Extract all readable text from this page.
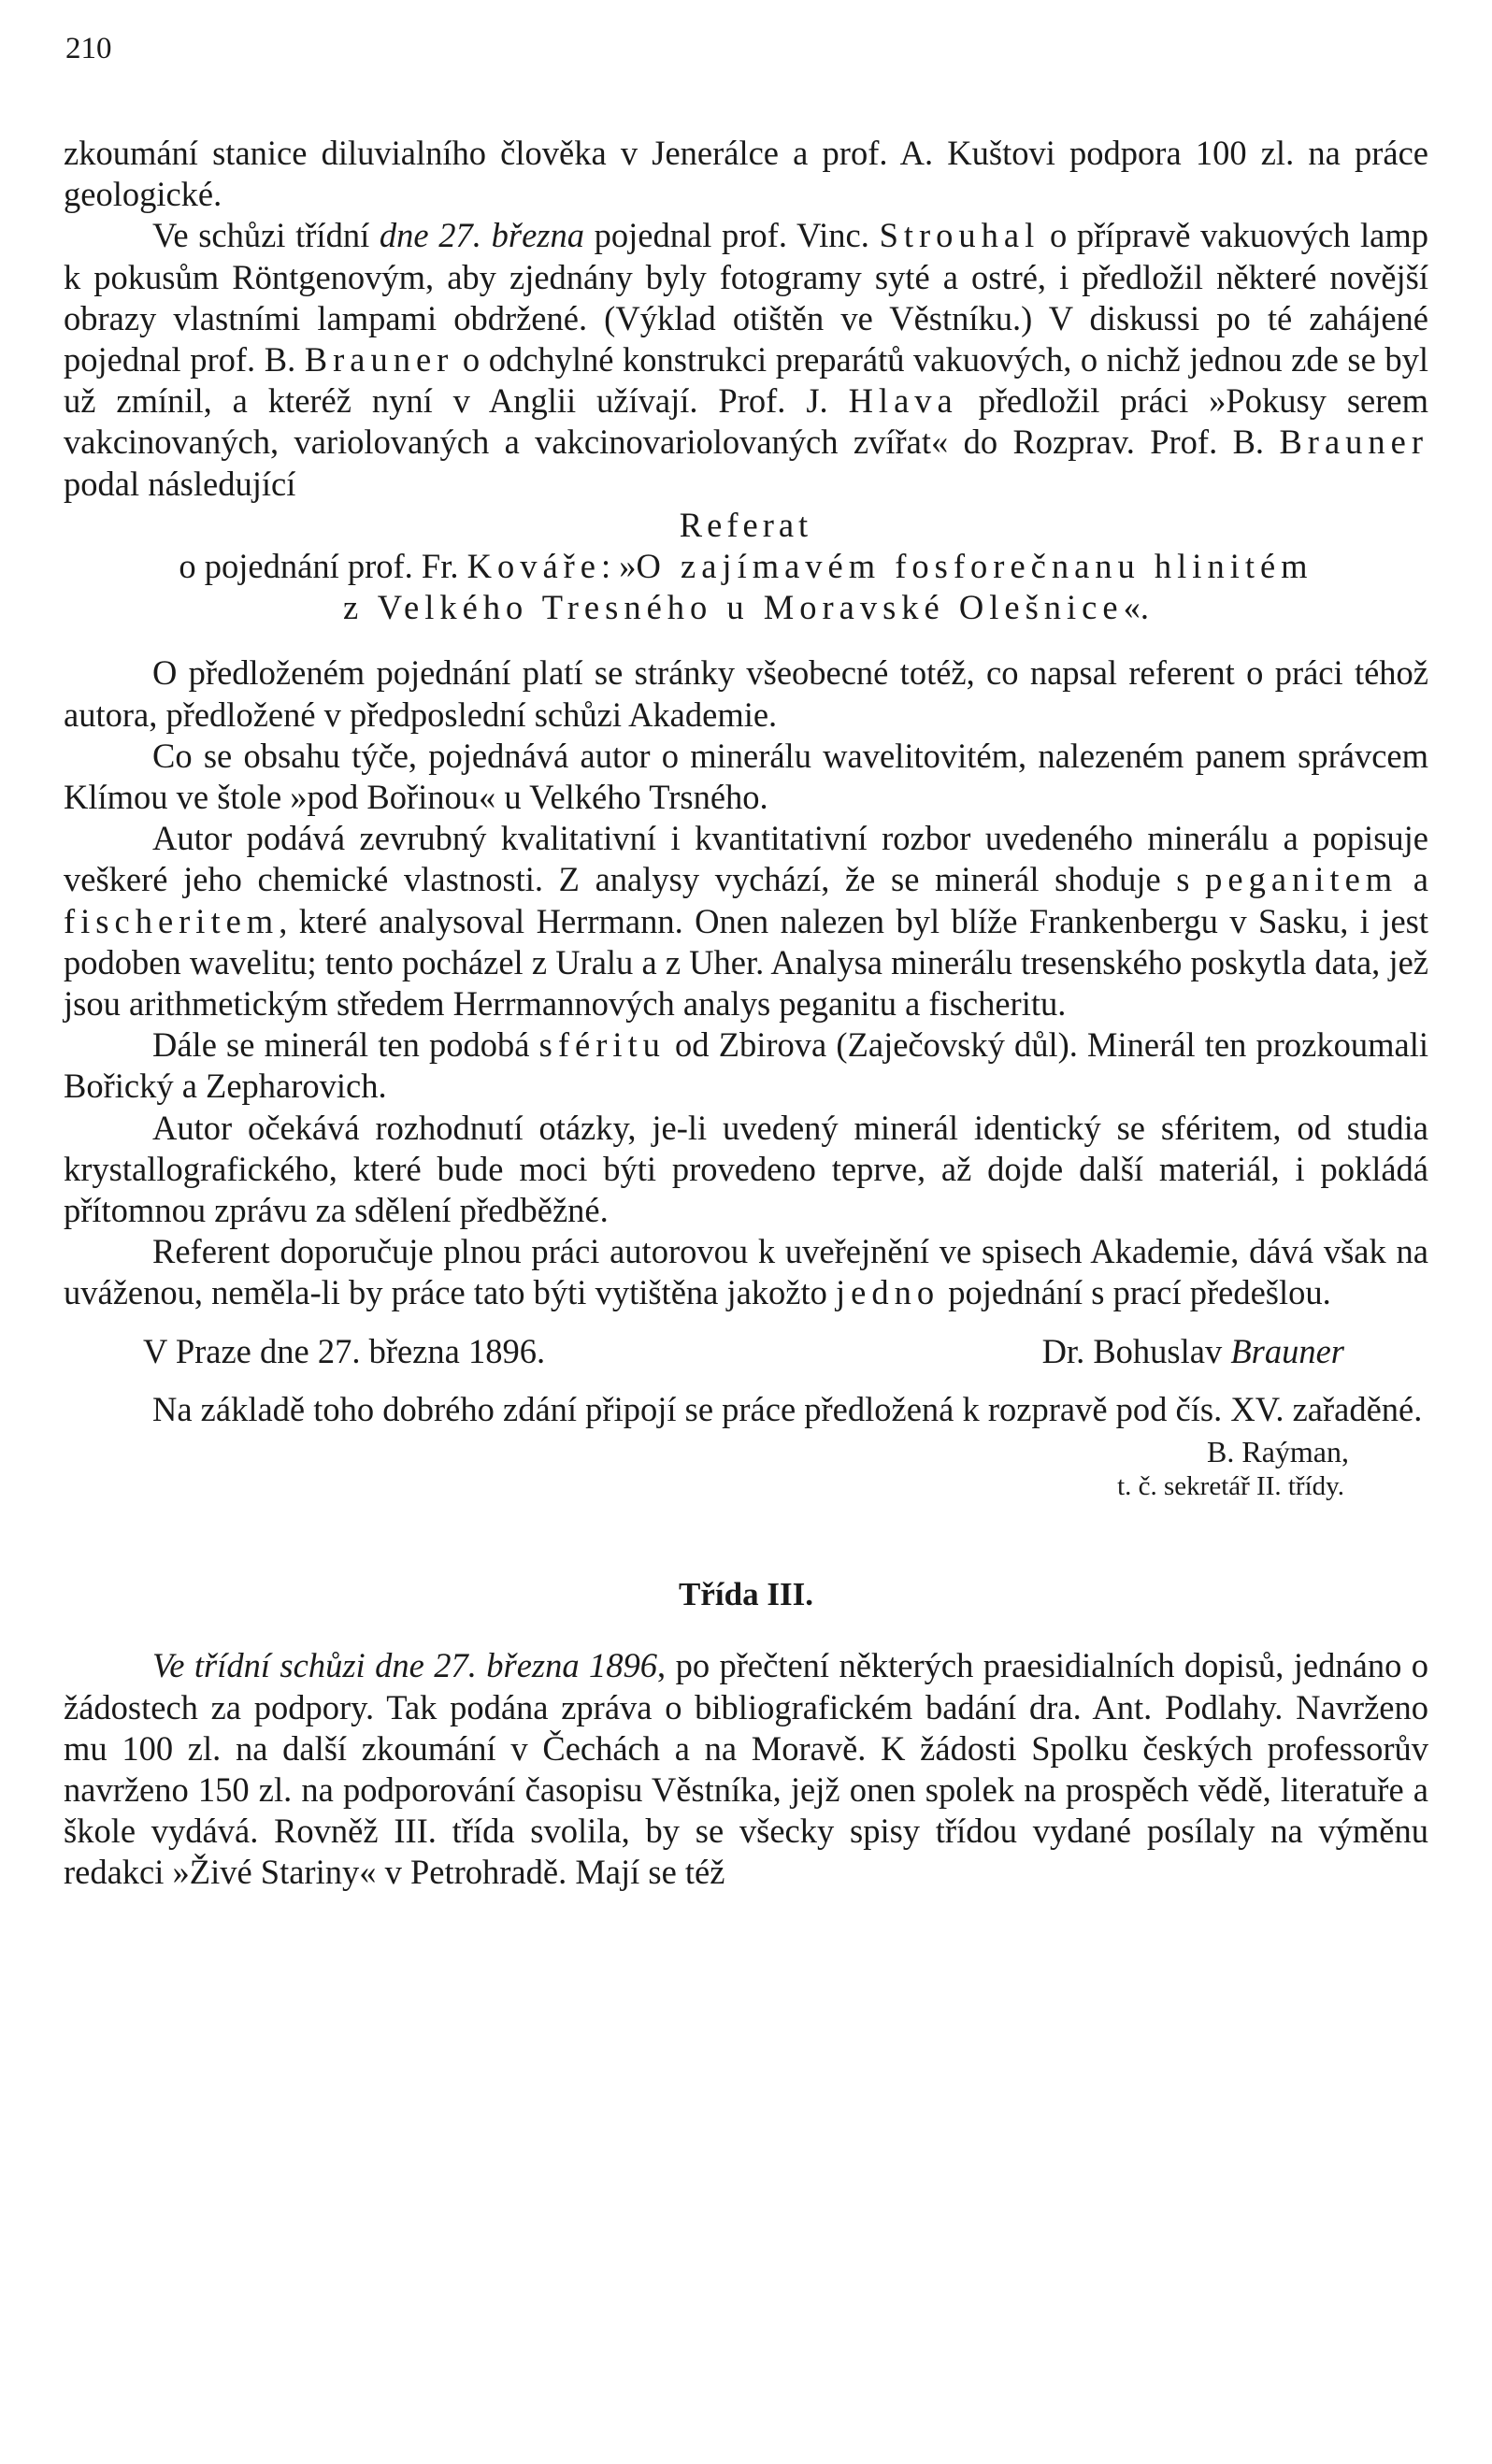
210

zkoumání stanice diluvialního člověka v Jenerálce a prof. A. Kuštovi podpora 100 zl. na práce geologické.

Ve schůzi třídní dne 27. března pojednal prof. Vinc. Strouhal o přípravě vakuových lamp k pokusům Röntgenovým, aby zjednány byly fotogramy syté a ostré, i předložil některé novější obrazy vlastními lampami obdržené. (Výklad otištěn ve Věstníku.) V diskussi po té zahájené pojednal prof. B. Brauner o odchylné konstrukci preparátů vakuových, o nichž jednou zde se byl už zmínil, a kteréž nyní v Anglii užívají. Prof. J. Hlava předložil práci »Pokusy serem vakcinovaných, variolovaných a vakcinovariolovaných zvířat« do Rozprav. Prof. B. Brauner podal následující

Referat

o pojednání prof. Fr. Kováře: »O zajímavém fosforečnanu hlinitém
z Velkého Tresného u Moravské Olešnice«.

O předloženém pojednání platí se stránky všeobecné totéž, co napsal referent o práci téhož autora, předložené v předposlední schůzi Akademie.

Co se obsahu týče, pojednává autor o minerálu wavelitovitém, nalezeném panem správcem Klímou ve štole »pod Bořinou« u Velkého Trsného.

Autor podává zevrubný kvalitativní i kvantitativní rozbor uvedeného minerálu a popisuje veškeré jeho chemické vlastnosti. Z analysy vychází, že se minerál shoduje s peganitem a fischeritem, které analysoval Herrmann. Onen nalezen byl blíže Frankenbergu v Sasku, i jest podoben wavelitu; tento pocházel z Uralu a z Uher. Analysa minerálu tresenského poskytla data, jež jsou arithmetickým středem Herrmannových analys peganitu a fischeritu.

Dále se minerál ten podobá sféritu od Zbirova (Zaječovský důl). Minerál ten prozkoumali Bořický a Zepharovich.

Autor očekává rozhodnutí otázky, je-li uvedený minerál identický se sféritem, od studia krystallografického, které bude moci býti provedeno teprve, až dojde další materiál, i pokládá přítomnou zprávu za sdělení předběžné.

Referent doporučuje plnou práci autorovou k uveřejnění ve spisech Akademie, dává však na uváženou, neměla-li by práce tato býti vytištěna jakožto jedno pojednání s prací předešlou.

V Praze dne 27. března 1896.	Dr. Bohuslav Brauner

Na základě toho dobrého zdání připojí se práce předložená k rozpravě pod čís. XV. zařaděné.

B. Raýman,
t. č. sekretář II. třídy.
Třída III.

Ve třídní schůzi dne 27. března 1896, po přečtení některých praesidialních dopisů, jednáno o žádostech za podpory. Tak podána zpráva o bibliografickém badání dra. Ant. Podlahy. Navrženo mu 100 zl. na další zkoumání v Čechách a na Moravě. K žádosti Spolku českých professorův navrženo 150 zl. na podporování časopisu Věstníka, jejž onen spolek na prospěch vědě, literatuře a škole vydává. Rovněž III. třída svolila, by se všecky spisy třídou vydané posílaly na výměnu redakci »Živé Stariny« v Petrohradě. Mají se též
